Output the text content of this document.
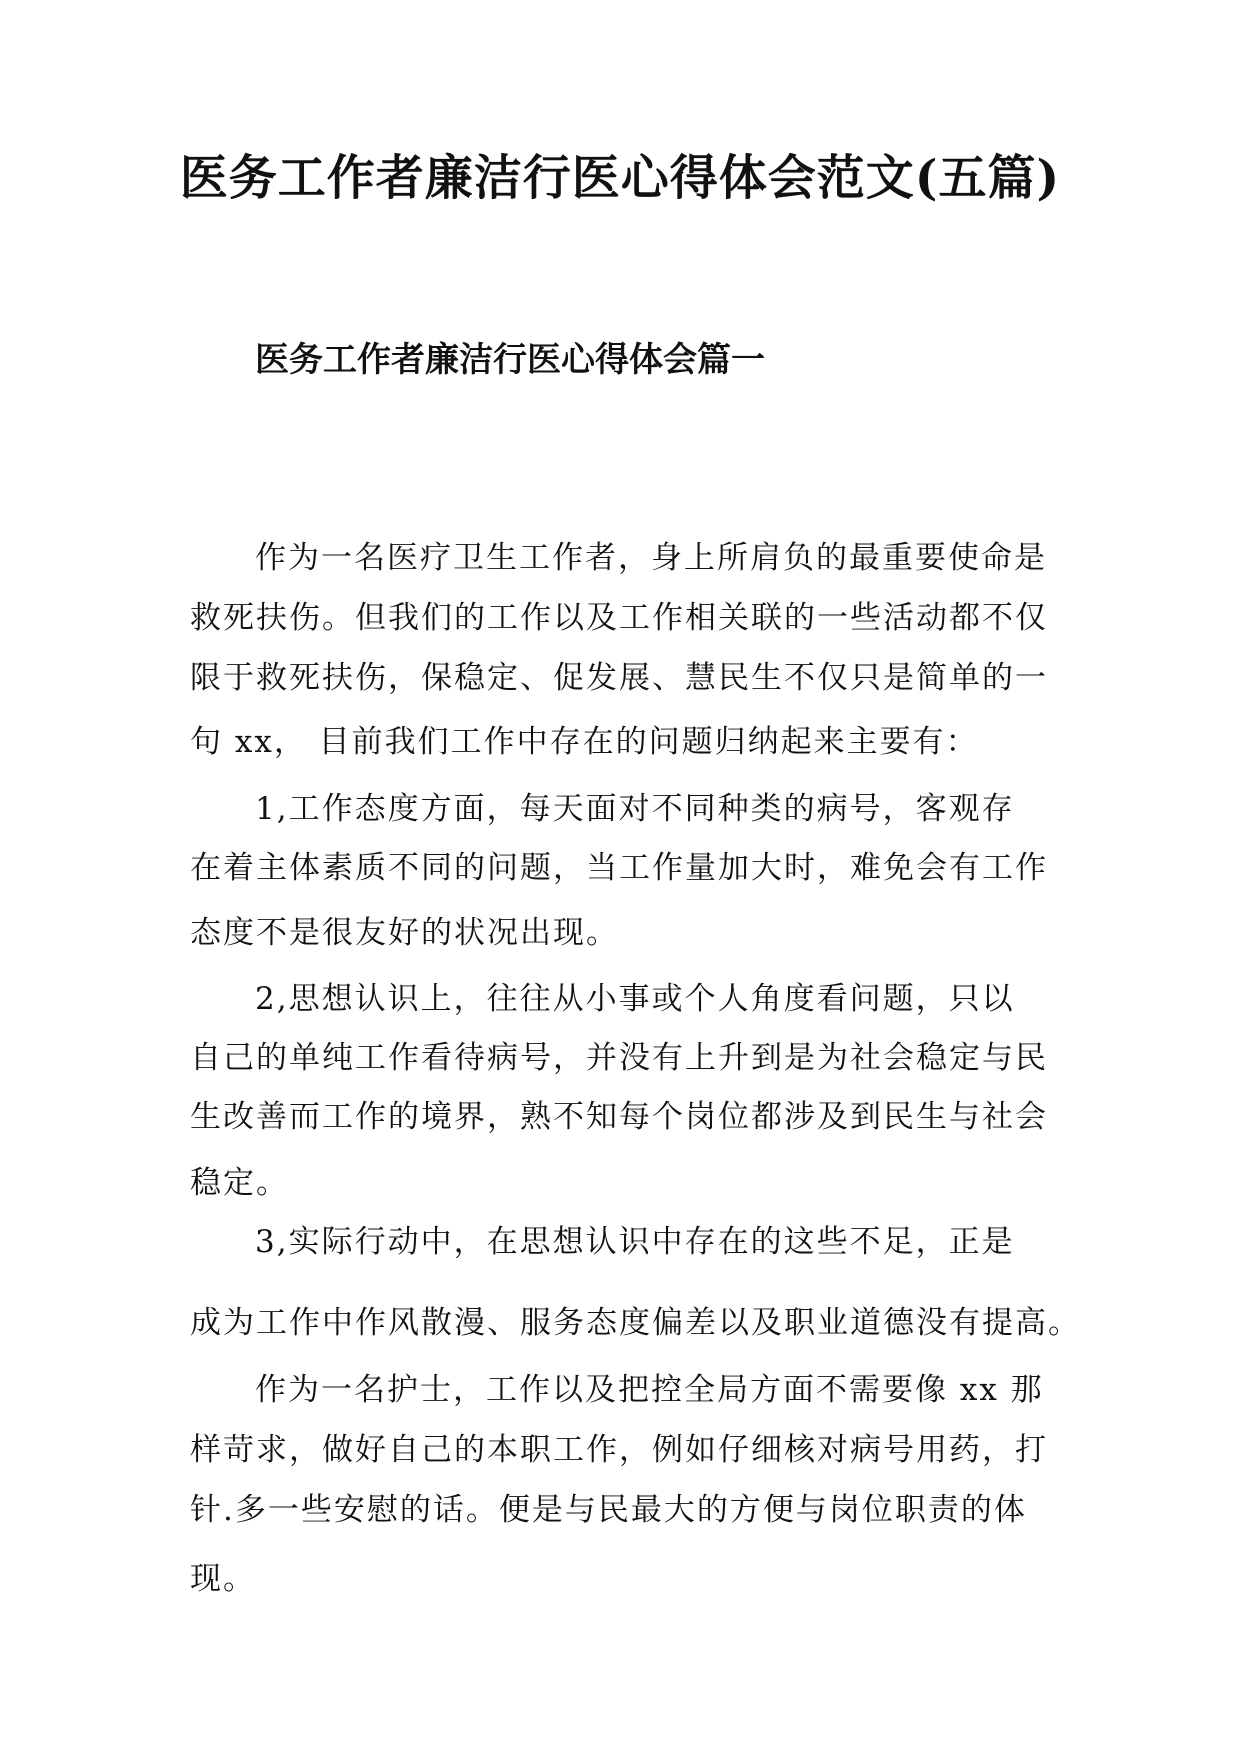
医务工作者廉洁行医心得体会范文(五篇)
医务工作者廉洁行医心得体会篇一
作为一名医疗卫生工作者，身上所肩负的最重要使命是
救死扶伤。但我们的工作以及工作相关联的一些活动都不仅
限于救死扶伤，保稳定、促发展、慧民生不仅只是简单的一
句 xx， 目前我们工作中存在的问题归纳起来主要有：
1,工作态度方面，每天面对不同种类的病号，客观存
在着主体素质不同的问题，当工作量加大时，难免会有工作
态度不是很友好的状况出现。
2,思想认识上，往往从小事或个人角度看问题，只以
自己的单纯工作看待病号，并没有上升到是为社会稳定与民
生改善而工作的境界，熟不知每个岗位都涉及到民生与社会
稳定。
3,实际行动中，在思想认识中存在的这些不足，正是
成为工作中作风散漫、服务态度偏差以及职业道德没有提高。
作为一名护士，工作以及把控全局方面不需要像 xx 那
样苛求，做好自己的本职工作，例如仔细核对病号用药，打
针.多一些安慰的话。便是与民最大的方便与岗位职责的体
现。
